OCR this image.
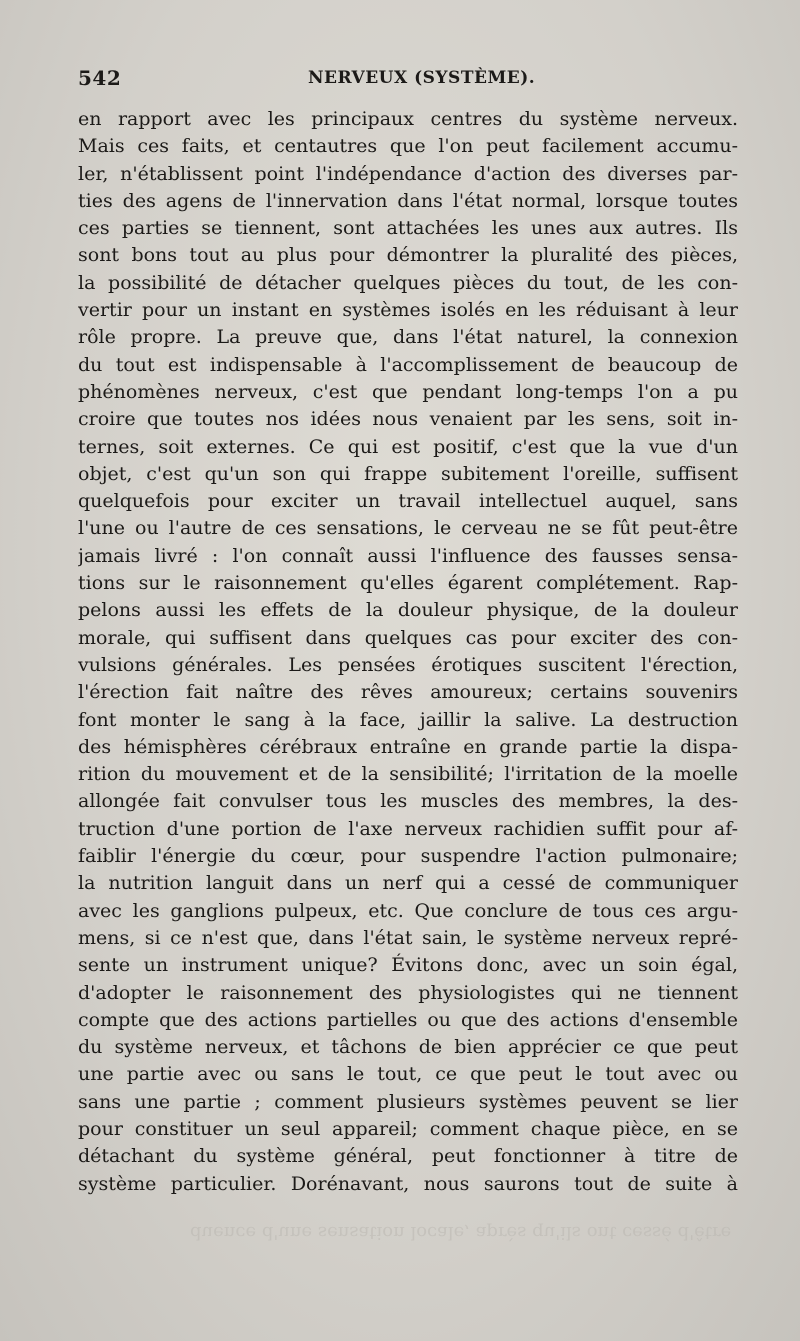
542	NERVEUX (SYSTÈME).
en rapport avec les principaux centres du système nerveux.
Mais ces faits, et centautres que l'on peut facilement accumu-
ler, n'établissent point l'indépendance d'action des diverses par-
ties des agens de l'innervation dans l'état normal, lorsque toutes
ces parties se tiennent, sont attachées les unes aux autres. Ils
sont bons tout au plus pour démontrer la pluralité des pièces,
la possibilité de détacher quelques pièces du tout, de les con-
vertir pour un instant en systèmes isolés en les réduisant à leur
rôle propre. La preuve que, dans l'état naturel, la connexion
du tout est indispensable à l'accomplissement de beaucoup de
phénomènes nerveux, c'est que pendant long-temps l'on a pu
croire que toutes nos idées nous venaient par les sens, soit in-
ternes, soit externes. Ce qui est positif, c'est que la vue d'un
objet, c'est qu'un son qui frappe subitement l'oreille, suffisent
quelquefois pour exciter un travail intellectuel auquel, sans
l'une ou l'autre de ces sensations, le cerveau ne se fût peut-être
jamais livré : l'on connaît aussi l'influence des fausses sensa-
tions sur le raisonnement qu'elles égarent complétement. Rap-
pelons aussi les effets de la douleur physique, de la douleur
morale, qui suffisent dans quelques cas pour exciter des con-
vulsions générales. Les pensées érotiques suscitent l'érection,
l'érection fait naître des rêves amoureux; certains souvenirs
font monter le sang à la face, jaillir la salive. La destruction
des hémisphères cérébraux entraîne en grande partie la dispa-
rition du mouvement et de la sensibilité; l'irritation de la moelle
allongée fait convulser tous les muscles des membres, la des-
truction d'une portion de l'axe nerveux rachidien suffit pour af-
faiblir l'énergie du cœur, pour suspendre l'action pulmonaire;
la nutrition languit dans un nerf qui a cessé de communiquer
avec les ganglions pulpeux, etc. Que conclure de tous ces argu-
mens, si ce n'est que, dans l'état sain, le système nerveux repré-
sente un instrument unique? Évitons donc, avec un soin égal,
d'adopter le raisonnement des physiologistes qui ne tiennent
compte que des actions partielles ou que des actions d'ensemble
du système nerveux, et tâchons de bien apprécier ce que peut
une partie avec ou sans le tout, ce que peut le tout avec ou
sans une partie ; comment plusieurs systèmes peuvent se lier
pour constituer un seul appareil; comment chaque pièce, en se
détachant du système général, peut fonctionner à titre de
système particulier. Dorénavant, nous saurons tout de suite à
duence d'une sensation locale, après qu'ils ont cessé d'être
